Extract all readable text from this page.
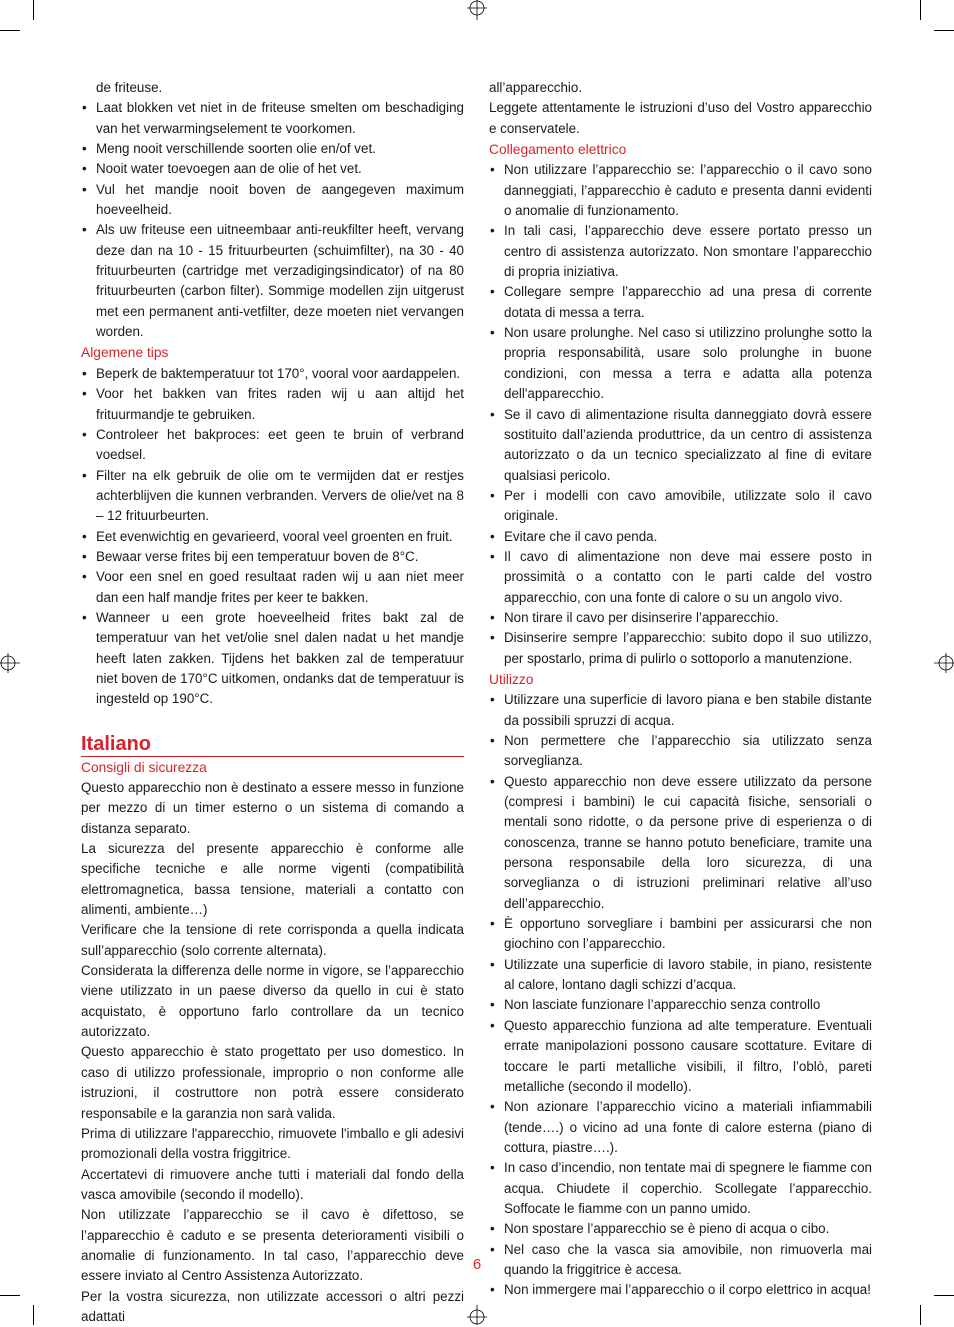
de friteuse.

• Laat blokken vet niet in de friteuse smelten om beschadiging van het verwarmingselement te voorkomen.
• Meng nooit verschillende soorten olie en/of vet.
• Nooit water toevoegen aan de olie of het vet.
• Vul het mandje nooit boven de aangegeven maximum hoeveelheid.
• Als uw friteuse een uitneembaar anti-reukfilter heeft, vervang deze dan na 10 - 15 frituurbeurten (schuimfilter), na 30 - 40 frituurbeurten (cartridge met verzadigingsindicator) of na 80 frituurbeurten (carbon filter). Sommige modellen zijn uitgerust met een permanent anti-vetfilter, deze moeten niet vervangen worden.
Algemene tips
• Beperk de baktemperatuur tot 170°, vooral voor aardappelen.
• Voor het bakken van frites raden wij u aan altijd het frituurmandje te gebruiken.
• Controleer het bakproces: eet geen te bruin of verbrand voedsel.
• Filter na elk gebruik de olie om te vermijden dat er restjes achterblijven die kunnen verbranden. Ververs de olie/vet na 8 – 12 frituurbeurten.
• Eet evenwichtig en gevarieerd, vooral veel groenten en fruit.
• Bewaar verse frites bij een temperatuur boven de 8°C.
• Voor een snel en goed resultaat raden wij u aan niet meer dan een half mandje frites per keer te bakken.
• Wanneer u een grote hoeveelheid frites bakt zal de temperatuur van het vet/olie snel dalen nadat u het mandje heeft laten zakken. Tijdens het bakken zal de temperatuur niet boven de 170°C uitkomen, ondanks dat de temperatuur is ingesteld op 190°C.
Italiano
Consigli di sicurezza

Questo apparecchio non è destinato a essere messo in funzione per mezzo di un timer esterno o un sistema di comando a distanza separato.

La sicurezza del presente apparecchio è conforme alle specifiche tecniche e alle norme vigenti (compatibilità elettromagnetica, bassa tensione, materiali a contatto con alimenti, ambiente…)

Verificare che la tensione di rete corrisponda a quella indicata sull’apparecchio (solo corrente alternata).

Considerata la differenza delle norme in vigore, se l’apparecchio viene utilizzato in un paese diverso da quello in cui è stato acquistato, è opportuno farlo controllare da un tecnico autorizzato.

Questo apparecchio è stato progettato per uso domestico. In caso di utilizzo professionale, improprio o non conforme alle istruzioni, il costruttore non potrà essere considerato responsabile e la garanzia non sarà valida.

Prima di utilizzare l'apparecchio, rimuovete l'imballo e gli adesivi promozionali della vostra friggitrice.

Accertatevi di rimuovere anche tutti i materiali dal fondo della vasca amovibile (secondo il modello).

Non utilizzate l’apparecchio se il cavo è difettoso, se l’apparecchio è caduto e se presenta deterioramenti visibili o anomalie di funzionamento. In tal caso, l’apparecchio deve essere inviato al Centro Assistenza Autorizzato.

Per la vostra sicurezza, non utilizzate accessori o altri pezzi adattati

all’apparecchio.

Leggete attentamente le istruzioni d’uso del Vostro apparecchio e conservatele.

Collegamento elettrico
• Non utilizzare l’apparecchio se: l’apparecchio o il cavo sono danneggiati, l’apparecchio è caduto e presenta danni evidenti o anomalie di funzionamento.
• In tali casi, l’apparecchio deve essere portato presso un centro di assistenza autorizzato. Non smontare l’apparecchio di propria iniziativa.
• Collegare sempre l’apparecchio ad una presa di corrente dotata di messa a terra.
• Non usare prolunghe. Nel caso si utilizzino prolunghe sotto la propria responsabilità, usare solo prolunghe in buone condizioni, con messa a terra e adatta alla potenza dell'apparecchio.
• Se il cavo di alimentazione risulta danneggiato dovrà essere sostituito dall’azienda produttrice, da un centro di assistenza autorizzato o da un tecnico specializzato al fine di evitare qualsiasi pericolo.
• Per i modelli con cavo amovibile, utilizzate solo il cavo originale.
• Evitare che il cavo penda.
• Il cavo di alimentazione non deve mai essere posto in prossimità o a contatto con le parti calde del vostro apparecchio, con una fonte di calore o su un angolo vivo.
• Non tirare il cavo per disinserire l’apparecchio.
• Disinserire sempre l’apparecchio: subito dopo il suo utilizzo, per spostarlo, prima di pulirlo o sottoporlo a manutenzione.
Utilizzo
• Utilizzare una superficie di lavoro piana e ben stabile distante da possibili spruzzi di acqua.
• Non permettere che l’apparecchio sia utilizzato senza sorveglianza.
• Questo apparecchio non deve essere utilizzato da persone (compresi i bambini) le cui capacità fisiche, sensoriali o mentali sono ridotte, o da persone prive di esperienza o di conoscenza, tranne se hanno potuto beneficiare, tramite una persona responsabile della loro sicurezza, di una sorveglianza o di istruzioni preliminari relative all’uso dell’apparecchio.
• È opportuno sorvegliare i bambini per assicurarsi che non giochino con l’apparecchio.
• Utilizzate una superficie di lavoro stabile, in piano, resistente al calore, lontano dagli schizzi d’acqua.
• Non lasciate funzionare l’apparecchio senza controllo
• Questo apparecchio funziona ad alte temperature. Eventuali errate manipolazioni possono causare scottature. Evitare di toccare le parti metalliche visibili, il filtro, l’oblò, pareti metalliche (secondo il modello).
• Non azionare l’apparecchio vicino a materiali infiammabili (tende….) o vicino ad una fonte di calore esterna (piano di cottura, piastre….).
• In caso d’incendio, non tentate mai di spegnere le fiamme con acqua. Chiudete il coperchio. Scollegate l’apparecchio. Soffocate le fiamme con un panno umido.
• Non spostare l’apparecchio se è pieno di acqua o cibo.
• Nel caso che la vasca sia amovibile, non rimuoverla mai quando la friggitrice è accesa.
• Non immergere mai l’apparecchio o il corpo elettrico in acqua!
6
